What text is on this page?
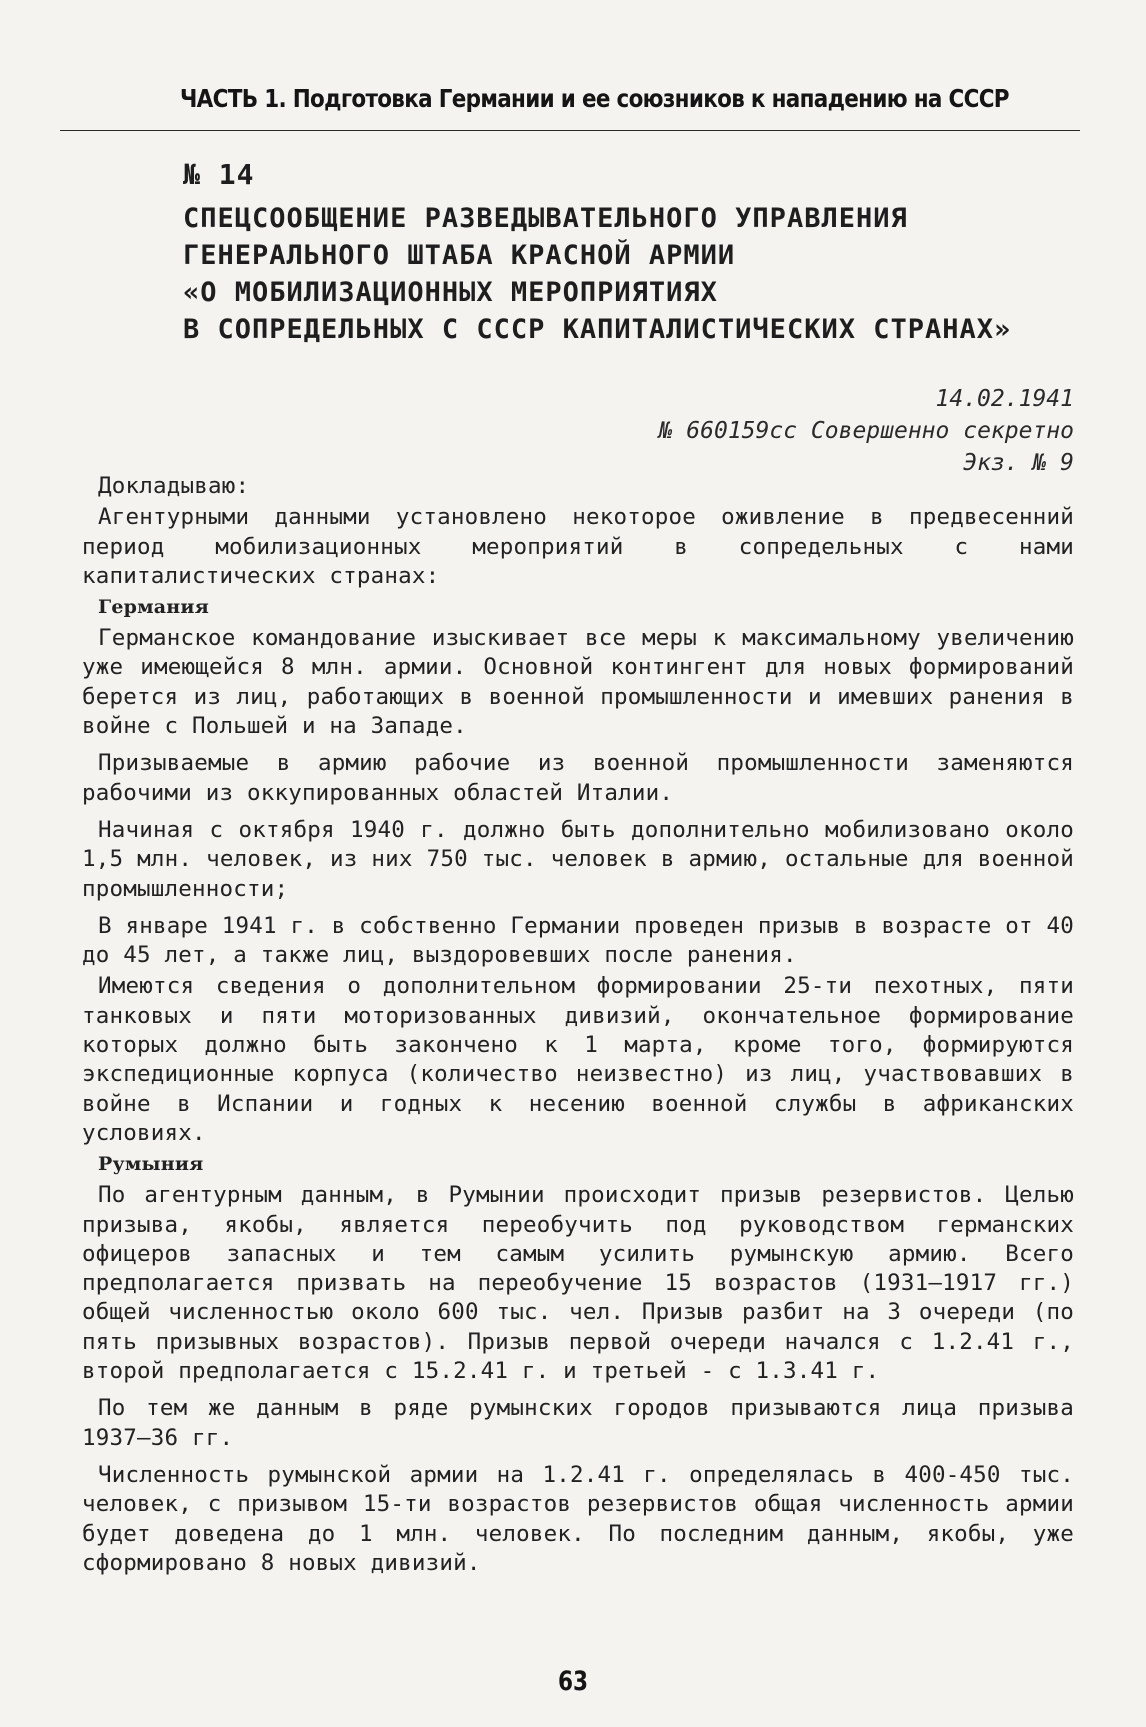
ЧАСТЬ 1. Подготовка Германии и ее союзников к нападению на СССР
№ 14
СПЕЦСООБЩЕНИЕ РАЗВЕДЫВАТЕЛЬНОГО УПРАВЛЕНИЯ
ГЕНЕРАЛЬНОГО ШТАБА КРАСНОЙ АРМИИ
«О МОБИЛИЗАЦИОННЫХ МЕРОПРИЯТИЯХ
В СОПРЕДЕЛЬНЫХ С СССР КАПИТАЛИСТИЧЕСКИХ СТРАНАХ»
14.02.1941
№ 660159сс Совершенно секретно
Экз. № 9

Докладываю:

Агентурными данными установлено некоторое оживление в предвесенний период мобилизационных мероприятий в сопредельных с нами капиталистических странах:

Германия

Германское командование изыскивает все меры к максимальному увеличению уже имеющейся 8 млн. армии. Основной контингент для новых формирований берется из лиц, работающих в военной промышленности и имевших ранения в войне с Польшей и на Западе.

Призываемые в армию рабочие из военной промышленности заменяются рабочими из оккупированных областей Италии.

Начиная с октября 1940 г. должно быть дополнительно мобилизовано около 1,5 млн. человек, из них 750 тыс. человек в армию, остальные для военной промышленности;

В январе 1941 г. в собственно Германии проведен призыв в возрасте от 40 до 45 лет, а также лиц, выздоровевших после ранения.

Имеются сведения о дополнительном формировании 25-ти пехотных, пяти танковых и пяти моторизованных дивизий, окончательное формирование которых должно быть закончено к 1 марта, кроме того, формируются экспедиционные корпуса (количество неизвестно) из лиц, участвовавших в войне в Испании и годных к несению военной службы в африканских условиях.

Румыния

По агентурным данным, в Румынии происходит призыв резервистов. Целью призыва, якобы, является переобучить под руководством германских офицеров запасных и тем самым усилить румынскую армию. Всего предполагается призвать на переобучение 15 возрастов (1931–1917 гг.) общей численностью около 600 тыс. чел. Призыв разбит на 3 очереди (по пять призывных возрастов). Призыв первой очереди начался с 1.2.41 г., второй предполагается с 15.2.41 г. и третьей - с 1.3.41 г.

По тем же данным в ряде румынских городов призываются лица призыва 1937–36 гг.

Численность румынской армии на 1.2.41 г. определялась в 400-450 тыс. человек, с призывом 15-ти возрастов резервистов общая численность армии будет доведена до 1 млн. человек. По последним данным, якобы, уже сформировано 8 новых дивизий.

63
